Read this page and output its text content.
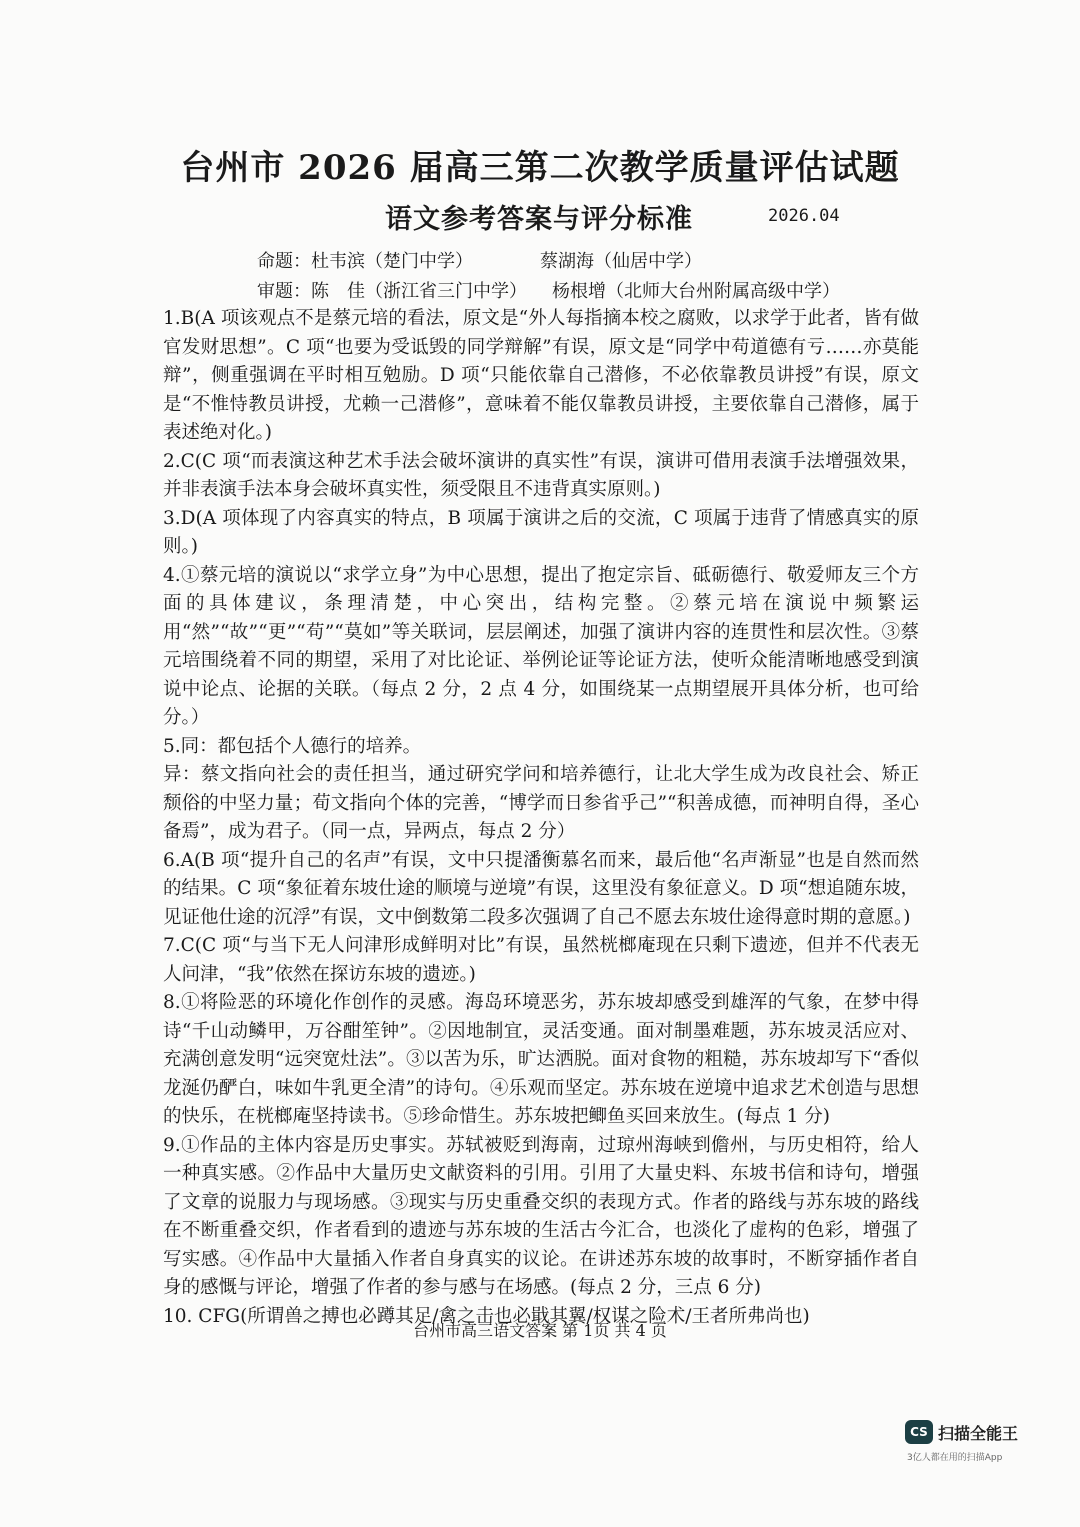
台州市 2026 届高三第二次教学质量评估试题
语文参考答案与评分标准	2026.04
命题：杜韦滨（楚门中学）	蔡湖海（仙居中学）
审题：陈　佳（浙江省三门中学） 杨根增（北师大台州附属高级中学）

1.B(A 项该观点不是蔡元培的看法，原文是“外人每指摘本校之腐败，以求学于此者，皆有做官发财思想”。C 项“也要为受诋毁的同学辩解”有误，原文是“同学中苟道德有亏……亦莫能辩”，侧重强调在平时相互勉励。D 项“只能依靠自己潜修，不必依靠教员讲授”有误，原文是“不惟恃教员讲授，尤赖一己潜修”，意味着不能仅靠教员讲授，主要依靠自己潜修，属于表述绝对化。)

2.C(C 项“而表演这种艺术手法会破坏演讲的真实性”有误，演讲可借用表演手法增强效果，并非表演手法本身会破坏真实性，须受限且不违背真实原则。)

3.D(A 项体现了内容真实的特点，B 项属于演讲之后的交流，C 项属于违背了情感真实的原则。)

4.①蔡元培的演说以“求学立身”为中心思想，提出了抱定宗旨、砥砺德行、敬爱师友三个方面的具体建议，条理清楚，中心突出，结构完整。②蔡元培在演说中频繁运用“然”“故”“更”“苟”“莫如”等关联词，层层阐述，加强了演讲内容的连贯性和层次性。③蔡元培围绕着不同的期望，采用了对比论证、举例论证等论证方法，使听众能清晰地感受到演说中论点、论据的关联。（每点 2 分，2 点 4 分，如围绕某一点期望展开具体分析，也可给分。）

5.同：都包括个人德行的培养。

异：蔡文指向社会的责任担当，通过研究学问和培养德行，让北大学生成为改良社会、矫正颓俗的中坚力量；荀文指向个体的完善，“博学而日参省乎己”“积善成德，而神明自得，圣心备焉”，成为君子。（同一点，异两点，每点 2 分）

6.A(B 项“提升自己的名声”有误，文中只提潘衡慕名而来，最后他“名声渐显”也是自然而然的结果。C 项“象征着东坡仕途的顺境与逆境”有误，这里没有象征意义。D 项“想追随东坡，见证他仕途的沉浮”有误，文中倒数第二段多次强调了自己不愿去东坡仕途得意时期的意愿。)

7.C(C 项“与当下无人问津形成鲜明对比”有误，虽然桄榔庵现在只剩下遗迹，但并不代表无人问津，“我”依然在探访东坡的遗迹。)

8.①将险恶的环境化作创作的灵感。海岛环境恶劣，苏东坡却感受到雄浑的气象，在梦中得诗“千山动鳞甲，万谷酣笙钟”。②因地制宜，灵活变通。面对制墨难题，苏东坡灵活应对、充满创意发明“远突宽灶法”。③以苦为乐，旷达洒脱。面对食物的粗糙，苏东坡却写下“香似龙涎仍酽白，味如牛乳更全清”的诗句。④乐观而坚定。苏东坡在逆境中追求艺术创造与思想的快乐，在桄榔庵坚持读书。⑤珍命惜生。苏东坡把鲫鱼买回来放生。(每点 1 分)

9.①作品的主体内容是历史事实。苏轼被贬到海南，过琼州海峡到儋州，与历史相符，给人一种真实感。②作品中大量历史文献资料的引用。引用了大量史料、东坡书信和诗句，增强了文章的说服力与现场感。③现实与历史重叠交织的表现方式。作者的路线与苏东坡的路线在不断重叠交织，作者看到的遗迹与苏东坡的生活古今汇合，也淡化了虚构的色彩，增强了写实感。④作品中大量插入作者自身真实的议论。在讲述苏东坡的故事时，不断穿插作者自身的感慨与评论，增强了作者的参与感与在场感。(每点 2 分，三点 6 分)

10. CFG(所谓兽之搏也必蹲其足/禽之击也必戢其翼/权谋之险术/王者所弗尚也)

台州市高三语文答案 第 1页 共 4 页
CS 扫描全能王
3亿人都在用的扫描App
